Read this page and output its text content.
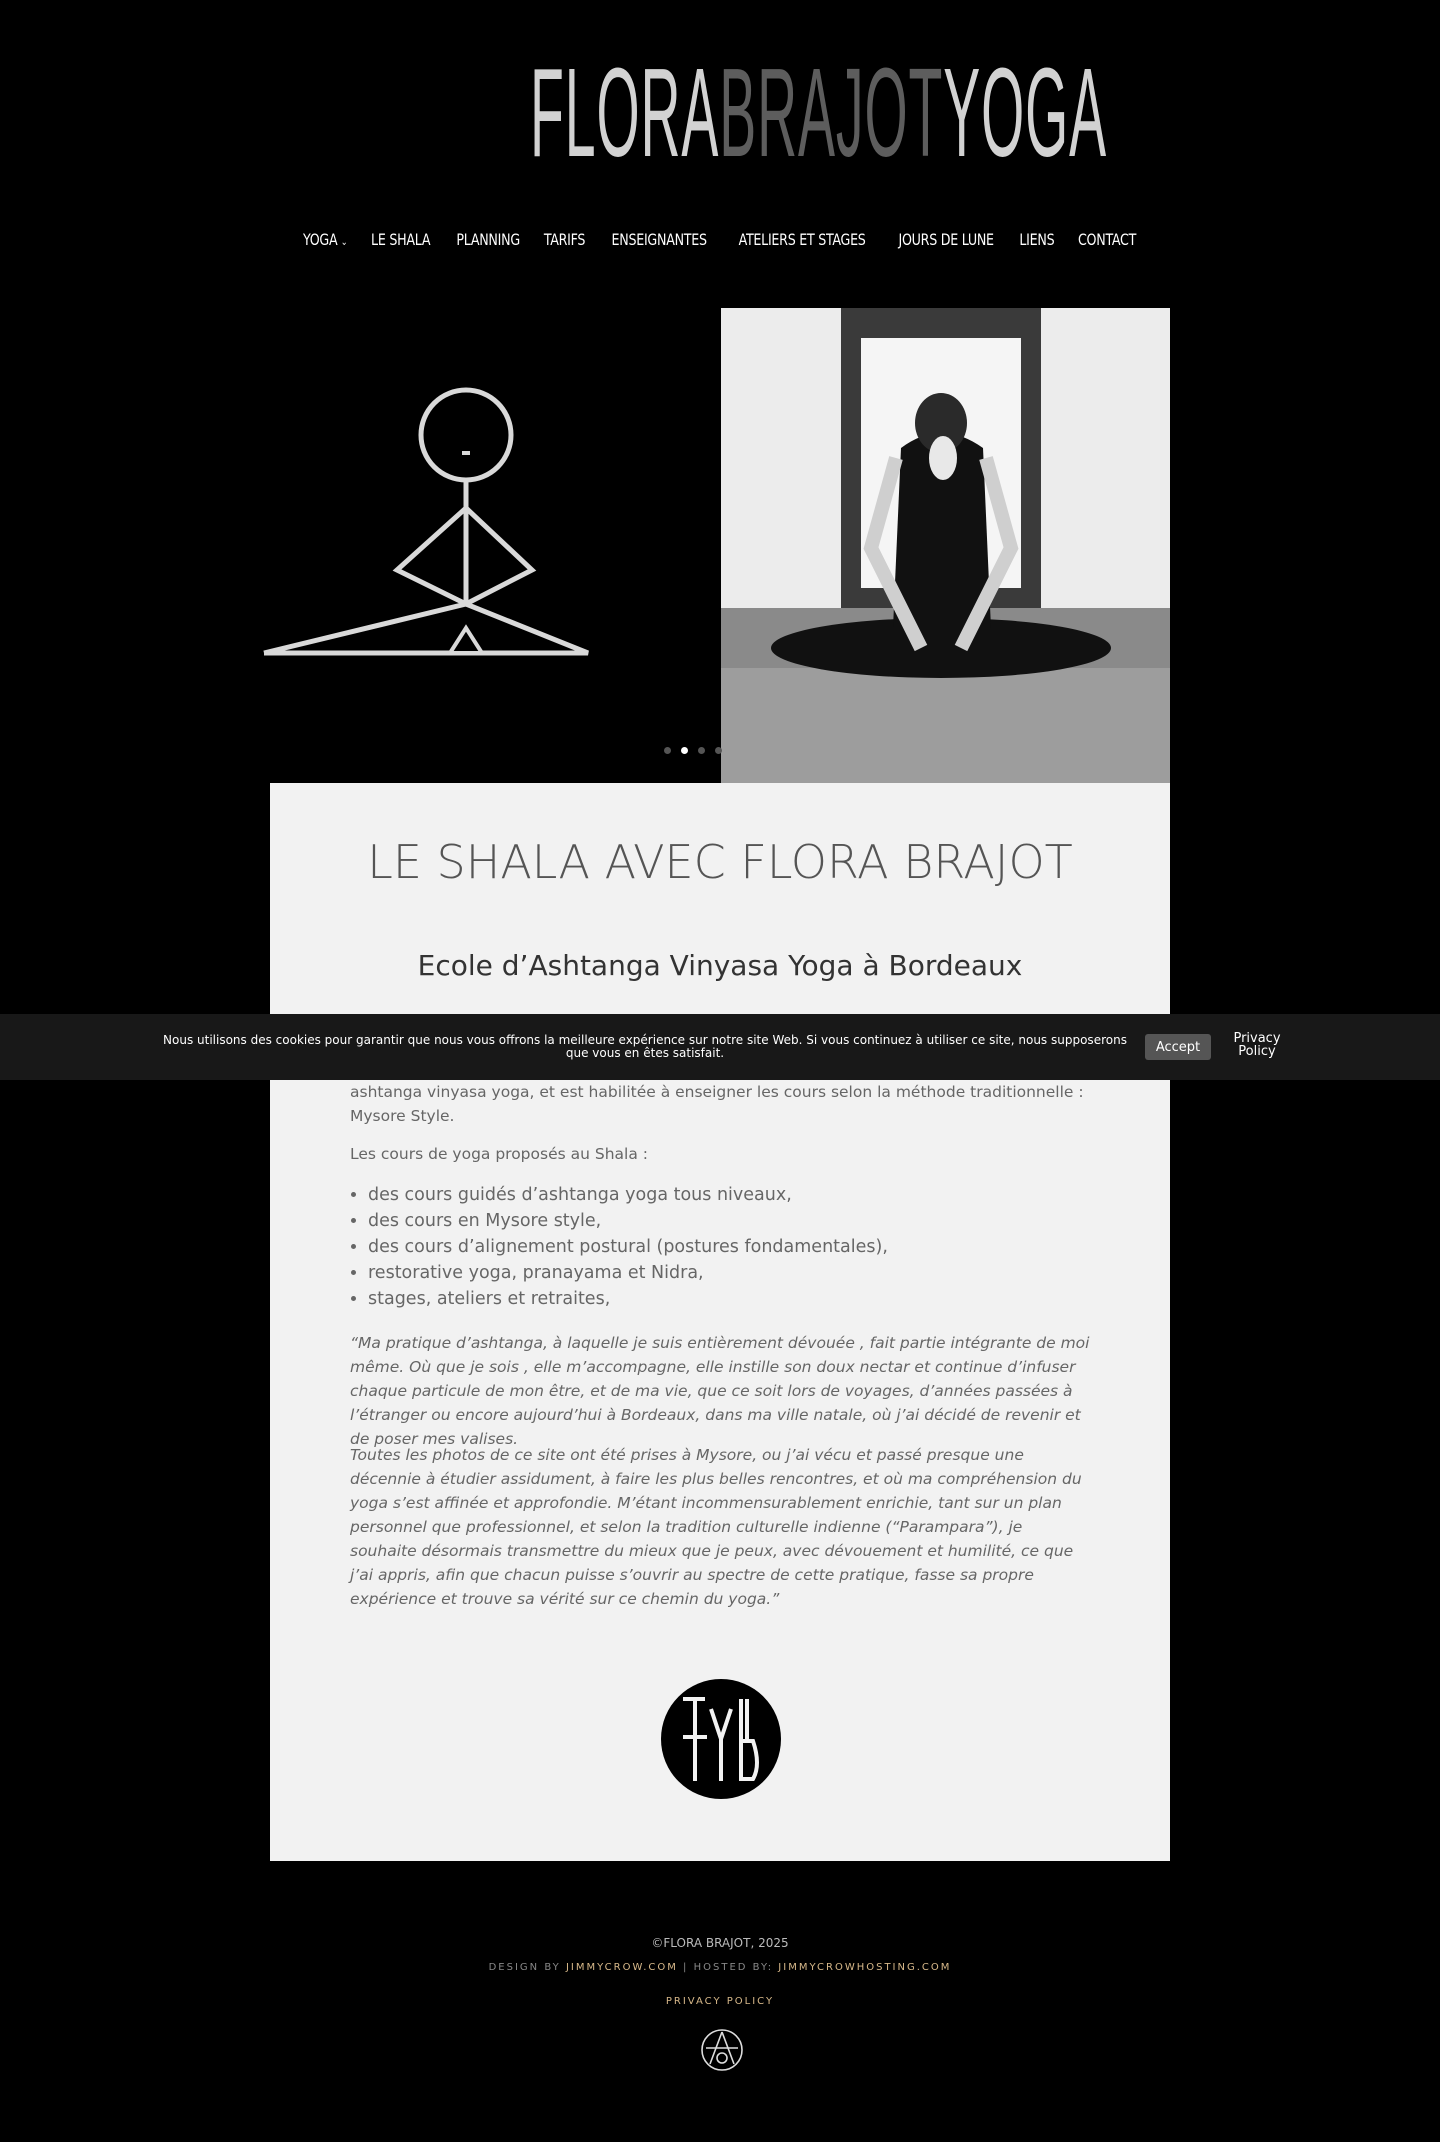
FLORABRAJOTYOGA
YOGA ⌄ LE SHALA PLANNING TARIFS ENSEIGNANTES ATELIERS ET STAGES JOURS DE LUNE LIENS CONTACT
LE SHALA AVEC FLORA BRAJOT
Ecole d’Ashtanga Vinyasa Yoga à Bordeaux
ashtanga vinyasa yoga, et est habilitée à enseigner les cours selon la méthode traditionnelle : Mysore Style.
Les cours de yoga proposés au Shala :
• des cours guidés d’ashtanga yoga tous niveaux,
• des cours en Mysore style,
• des cours d’alignement postural (postures fondamentales),
• restorative yoga, pranayama et Nidra,
• stages, ateliers et retraites,
“Ma pratique d’ashtanga, à laquelle je suis entièrement dévouée , fait partie intégrante de moi même. Où que je sois , elle m’accompagne, elle instille son doux nectar et continue d’infuser chaque particule de mon être, et de ma vie, que ce soit lors de voyages, d’années passées à l’étranger ou encore aujourd’hui à Bordeaux, dans ma ville natale, où j’ai décidé de revenir et de poser mes valises.
Toutes les photos de ce site ont été prises à Mysore, ou j’ai vécu et passé presque une décennie à étudier assidument, à faire les plus belles rencontres, et où ma compréhension du yoga s’est affinée et approfondie. M’étant incommensurablement enrichie, tant sur un plan personnel que professionnel, et selon la tradition culturelle indienne (“Parampara”), je souhaite désormais transmettre du mieux que je peux, avec dévouement et humilité, ce que j’ai appris, afin que chacun puisse s’ouvrir au spectre de cette pratique, fasse sa propre expérience et trouve sa vérité sur ce chemin du yoga.”
©FLORA BRAJOT, 2025
DESIGN BY JIMMYCROW.COM | HOSTED BY: JIMMYCROWHOSTING.COM
PRIVACY POLICY
Nous utilisons des cookies pour garantir que nous vous offrons la meilleure expérience sur notre site Web. Si vous continuez à utiliser ce site, nous supposerons que vous en êtes satisfait.	Accept
Privacy Policy
